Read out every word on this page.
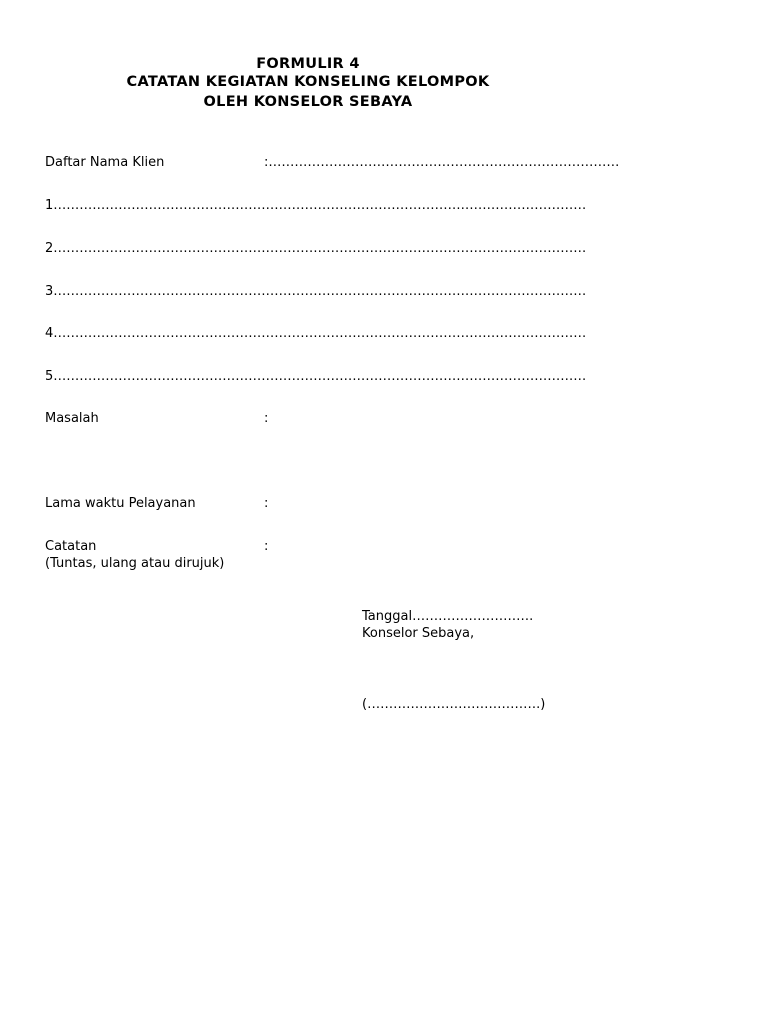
FORMULIR 4
CATATAN KEGIATAN KONSELING KELOMPOK
OLEH KONSELOR SEBAYA
Daftar Nama Klien	:………………………………………………………………………
1……………………………………………………………………………………………………………
2……………………………………………………………………………………………………………
3……………………………………………………………………………………………………………
4……………………………………………………………………………………………………………
5……………………………………………………………………………………………………………
Masalah	:
Lama waktu Pelayanan	:
Catatan	:
(Tuntas, ulang atau dirujuk)
Tanggal……………………….
Konselor Sebaya,
(………………………………….)
